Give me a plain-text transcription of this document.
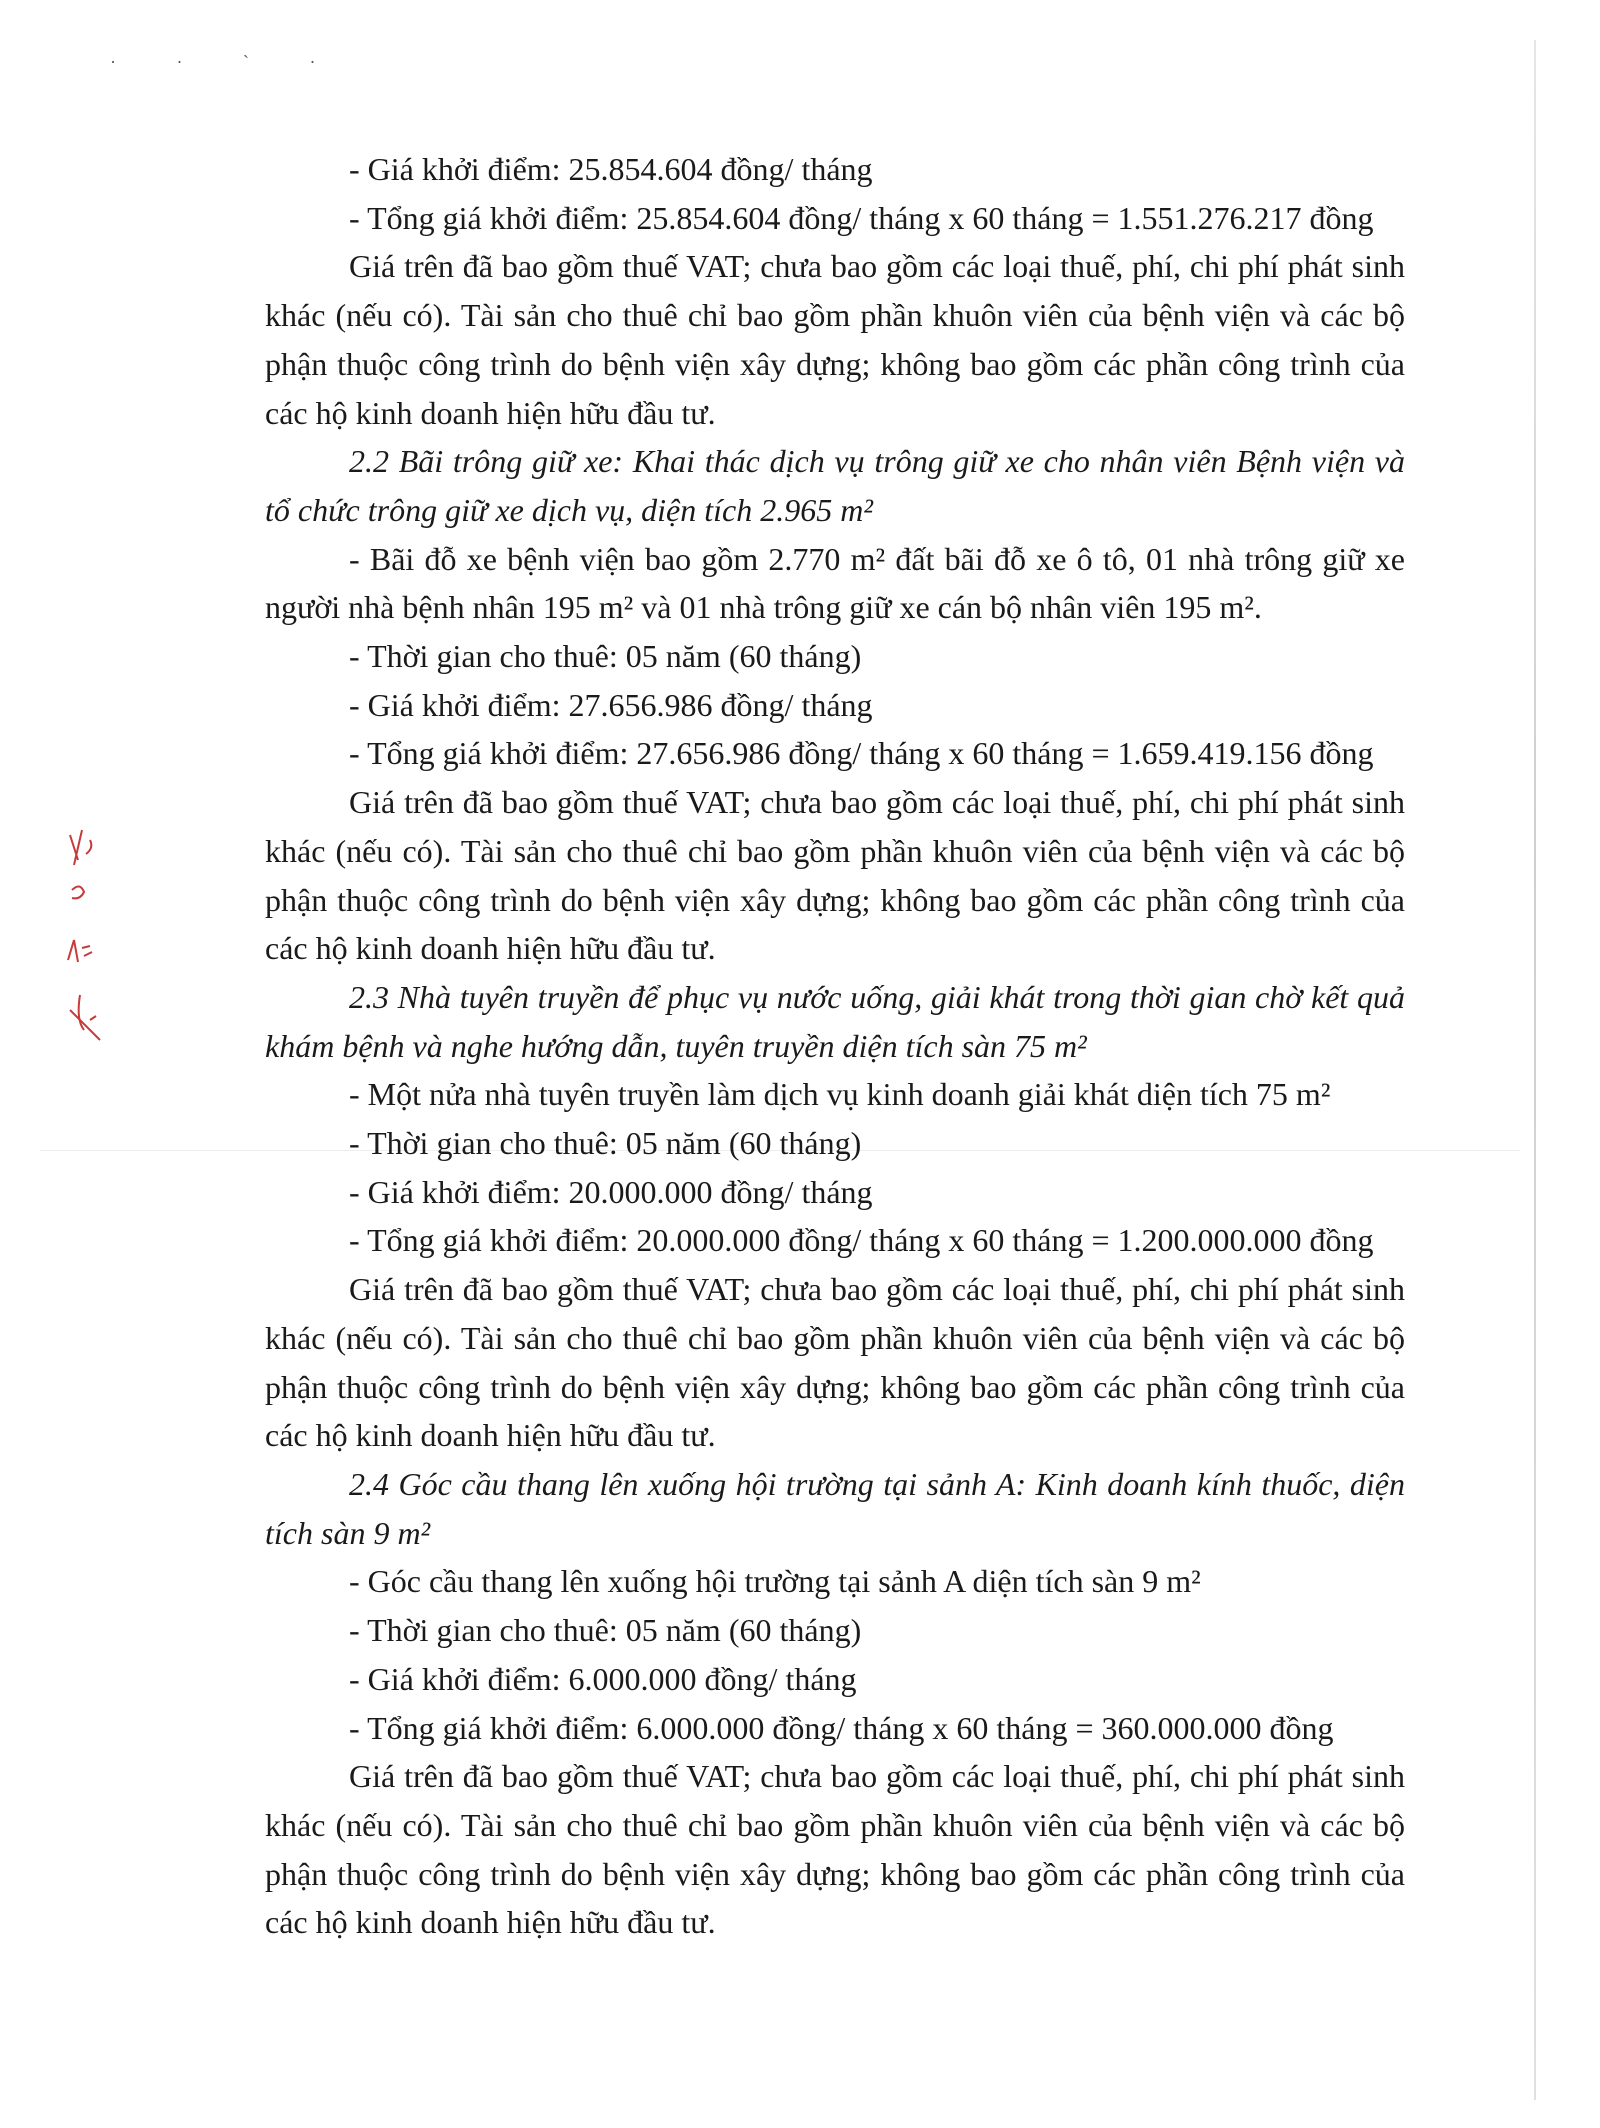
· · ˋ ·

- Giá khởi điểm: 25.854.604 đồng/ tháng

- Tổng giá khởi điểm: 25.854.604 đồng/ tháng x 60 tháng = 1.551.276.217 đồng

Giá trên đã bao gồm thuế VAT; chưa bao gồm các loại thuế, phí, chi phí phát sinh khác (nếu có). Tài sản cho thuê chỉ bao gồm phần khuôn viên của bệnh viện và các bộ phận thuộc công trình do bệnh viện xây dựng; không bao gồm các phần công trình của các hộ kinh doanh hiện hữu đầu tư.

2.2 Bãi trông giữ xe: Khai thác dịch vụ trông giữ xe cho nhân viên Bệnh viện và tổ chức trông giữ xe dịch vụ, diện tích 2.965 m²

- Bãi đỗ xe bệnh viện bao gồm 2.770 m² đất bãi đỗ xe ô tô, 01 nhà trông giữ xe người nhà bệnh nhân 195 m² và 01 nhà trông giữ xe cán bộ nhân viên 195 m².

- Thời gian cho thuê: 05 năm (60 tháng)

- Giá khởi điểm: 27.656.986 đồng/ tháng

- Tổng giá khởi điểm: 27.656.986 đồng/ tháng x 60 tháng = 1.659.419.156 đồng

Giá trên đã bao gồm thuế VAT; chưa bao gồm các loại thuế, phí, chi phí phát sinh khác (nếu có). Tài sản cho thuê chỉ bao gồm phần khuôn viên của bệnh viện và các bộ phận thuộc công trình do bệnh viện xây dựng; không bao gồm các phần công trình của các hộ kinh doanh hiện hữu đầu tư.

2.3 Nhà tuyên truyền để phục vụ nước uống, giải khát trong thời gian chờ kết quả khám bệnh và nghe hướng dẫn, tuyên truyền diện tích sàn 75 m²

- Một nửa nhà tuyên truyền làm dịch vụ kinh doanh giải khát diện tích 75 m²

- Thời gian cho thuê: 05 năm (60 tháng)

- Giá khởi điểm: 20.000.000 đồng/ tháng

- Tổng giá khởi điểm: 20.000.000 đồng/ tháng x 60 tháng = 1.200.000.000 đồng

Giá trên đã bao gồm thuế VAT; chưa bao gồm các loại thuế, phí, chi phí phát sinh khác (nếu có). Tài sản cho thuê chỉ bao gồm phần khuôn viên của bệnh viện và các bộ phận thuộc công trình do bệnh viện xây dựng; không bao gồm các phần công trình của các hộ kinh doanh hiện hữu đầu tư.

2.4 Góc cầu thang lên xuống hội trường tại sảnh A: Kinh doanh kính thuốc, diện tích sàn 9 m²

- Góc cầu thang lên xuống hội trường tại sảnh A diện tích sàn 9 m²

- Thời gian cho thuê: 05 năm (60 tháng)

- Giá khởi điểm: 6.000.000 đồng/ tháng

- Tổng giá khởi điểm: 6.000.000 đồng/ tháng x 60 tháng = 360.000.000 đồng

Giá trên đã bao gồm thuế VAT; chưa bao gồm các loại thuế, phí, chi phí phát sinh khác (nếu có). Tài sản cho thuê chỉ bao gồm phần khuôn viên của bệnh viện và các bộ phận thuộc công trình do bệnh viện xây dựng; không bao gồm các phần công trình của các hộ kinh doanh hiện hữu đầu tư.
